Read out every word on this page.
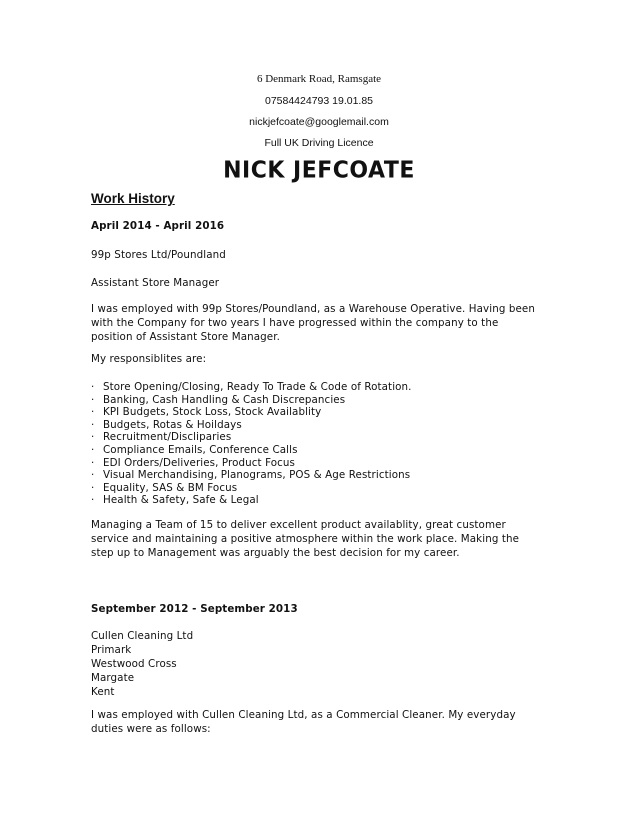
6 Denmark Road, Ramsgate
07584424793 19.01.85
nickjefcoate@googlemail.com
Full UK Driving Licence
NICK JEFCOATE
Work History
April 2014 - April 2016
99p Stores Ltd/Poundland
Assistant Store Manager
I was employed with 99p Stores/Poundland, as a Warehouse Operative. Having been
with the Company for two years I have progressed within the company to the
position of Assistant Store Manager.
My responsiblites are:
· Store Opening/Closing, Ready To Trade & Code of Rotation.
· Banking, Cash Handling & Cash Discrepancies
· KPI Budgets, Stock Loss, Stock Availablity
· Budgets, Rotas & Hoildays
· Recruitment/Discliparies
· Compliance Emails, Conference Calls
· EDI Orders/Deliveries, Product Focus
· Visual Merchandising, Planograms, POS & Age Restrictions
· Equality, SAS & BM Focus
· Health & Safety, Safe & Legal
Managing a Team of 15 to deliver excellent product availablity, great customer
service and maintaining a positive atmosphere within the work place. Making the
step up to Management was arguably the best decision for my career.
September 2012 - September 2013
Cullen Cleaning Ltd
Primark
Westwood Cross
Margate
Kent
I was employed with Cullen Cleaning Ltd, as a Commercial Cleaner. My everyday
duties were as follows:
